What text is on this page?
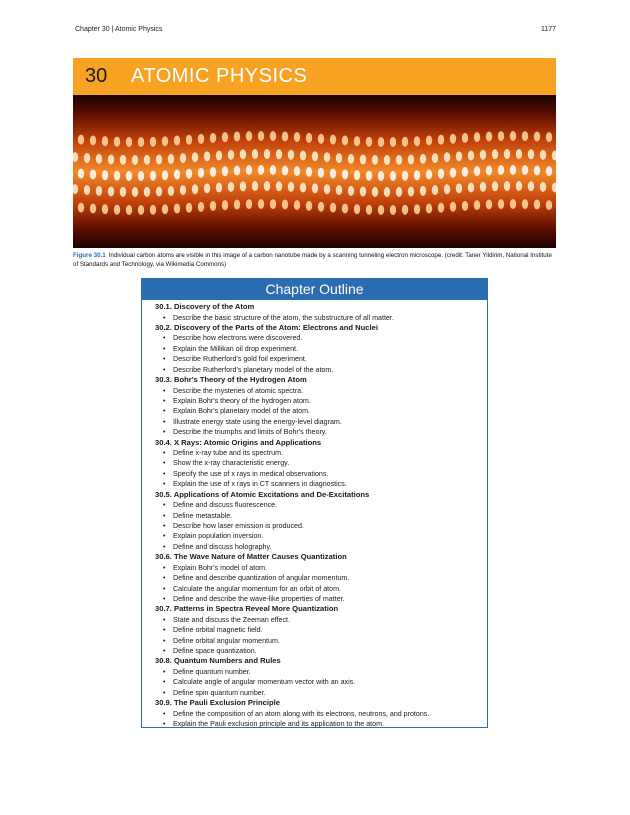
Chapter 30 | Atomic Physics	1177
30	ATOMIC PHYSICS
Figure 30.1 Individual carbon atoms are visible in this image of a carbon nanotube made by a scanning tunneling electron microscope. (credit: Taner Yildirim, National Institute of Standards and Technology, via Wikimedia Commons)
Chapter Outline
30.1. Discovery of the Atom
• Describe the basic structure of the atom, the substructure of all matter.
30.2. Discovery of the Parts of the Atom: Electrons and Nuclei
• Describe how electrons were discovered.
• Explain the Millikan oil drop experiment.
• Describe Rutherford's gold foil experiment.
• Describe Rutherford's planetary model of the atom.
30.3. Bohr's Theory of the Hydrogen Atom
• Describe the mysteries of atomic spectra.
• Explain Bohr's theory of the hydrogen atom.
• Explain Bohr's planetary model of the atom.
• Illustrate energy state using the energy-level diagram.
• Describe the triumphs and limits of Bohr's theory.
30.4. X Rays: Atomic Origins and Applications
• Define x-ray tube and its spectrum.
• Show the x-ray characteristic energy.
• Specify the use of x rays in medical observations.
• Explain the use of x rays in CT scanners in diagnostics.
30.5. Applications of Atomic Excitations and De-Excitations
• Define and discuss fluorescence.
• Define metastable.
• Describe how laser emission is produced.
• Explain population inversion.
• Define and discuss holography.
30.6. The Wave Nature of Matter Causes Quantization
• Explain Bohr's model of atom.
• Define and describe quantization of angular momentum.
• Calculate the angular momentum for an orbit of atom.
• Define and describe the wave-like properties of matter.
30.7. Patterns in Spectra Reveal More Quantization
• State and discuss the Zeeman effect.
• Define orbital magnetic field.
• Define orbital angular momentum.
• Define space quantization.
30.8. Quantum Numbers and Rules
• Define quantum number.
• Calculate angle of angular momentum vector with an axis.
• Define spin quantum number.
30.9. The Pauli Exclusion Principle
• Define the composition of an atom along with its electrons, neutrons, and protons.
• Explain the Pauli exclusion principle and its application to the atom.
